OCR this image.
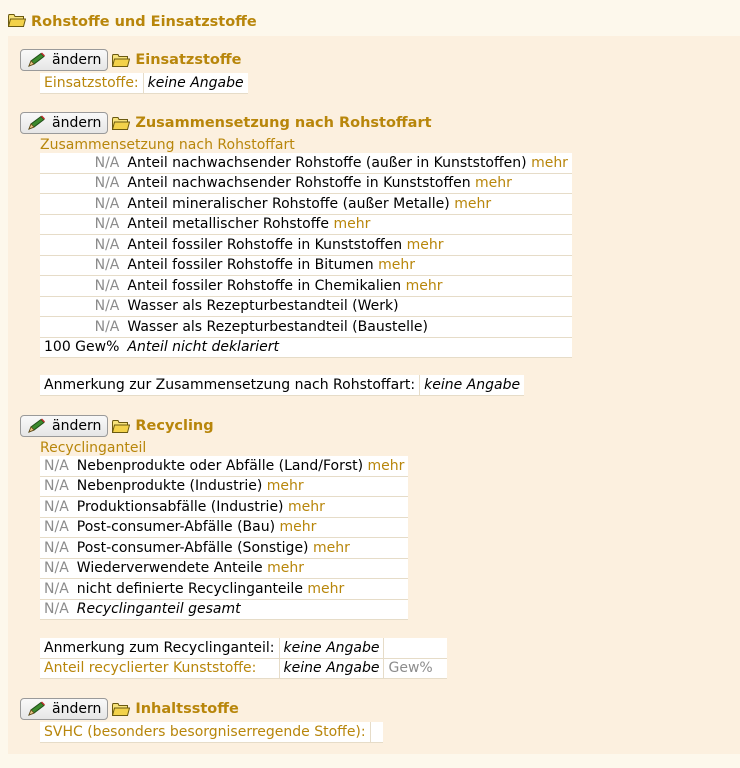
Rohstoffe und Einsatzstoffe
ändern Einsatzstoffe
Einsatzstoffe:	keine Angabe
ändern Zusammensetzung nach Rohstoffart
Zusammensetzung nach Rohstoffart
N/A	Anteil nachwachsender Rohstoffe (außer in Kunststoffen) mehr
N/A	Anteil nachwachsender Rohstoffe in Kunststoffen mehr
N/A	Anteil mineralischer Rohstoffe (außer Metalle) mehr
N/A	Anteil metallischer Rohstoffe mehr
N/A	Anteil fossiler Rohstoffe in Kunststoffen mehr
N/A	Anteil fossiler Rohstoffe in Bitumen mehr
N/A	Anteil fossiler Rohstoffe in Chemikalien mehr
N/A	Wasser als Rezepturbestandteil (Werk)
N/A	Wasser als Rezepturbestandteil (Baustelle)
100 Gew%	Anteil nicht deklariert
Anmerkung zur Zusammensetzung nach Rohstoffart:	keine Angabe
ändern Recycling
Recyclinganteil
N/A	Nebenprodukte oder Abfälle (Land/Forst) mehr
N/A	Nebenprodukte (Industrie) mehr
N/A	Produktionsabfälle (Industrie) mehr
N/A	Post-consumer-Abfälle (Bau) mehr
N/A	Post-consumer-Abfälle (Sonstige) mehr
N/A	Wiederverwendete Anteile mehr
N/A	nicht definierte Recyclinganteile mehr
N/A	Recyclinganteil gesamt
Anmerkung zum Recyclinganteil:	keine Angabe	
Anteil recyclierter Kunststoffe:	keine Angabe	Gew%
ändern Inhaltsstoffe
SVHC (besonders besorgniserregende Stoffe):	
